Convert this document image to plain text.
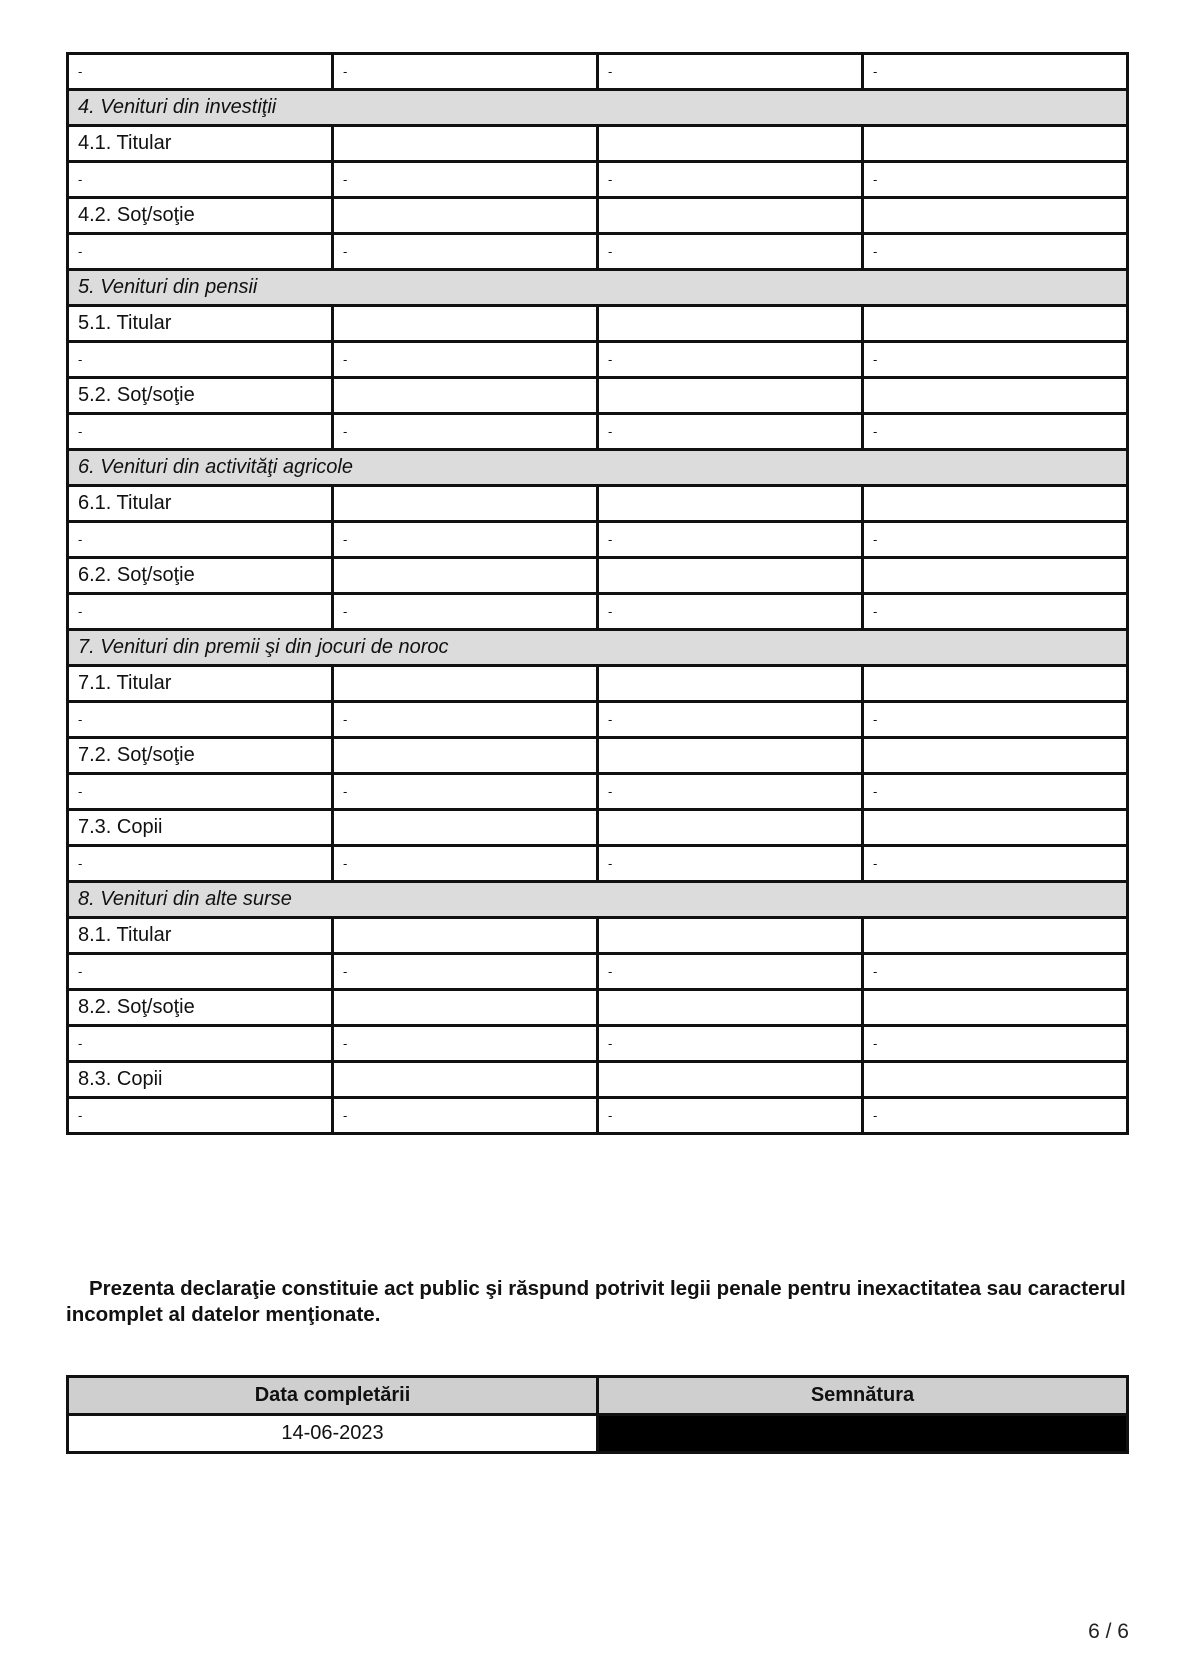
-	-	-	-
4. Venituri din investiţii			
4.1. Titular			
-	-	-	-
4.2. Soţ/soţie			
-	-	-	-
5. Venituri din pensii			
5.1. Titular			
-	-	-	-
5.2. Soţ/soţie			
-	-	-	-
6. Venituri din activităţi agricole			
6.1. Titular			
-	-	-	-
6.2. Soţ/soţie			
-	-	-	-
7. Venituri din premii şi din jocuri de noroc			
7.1. Titular			
-	-	-	-
7.2. Soţ/soţie			
-	-	-	-
7.3. Copii			
-	-	-	-
8. Venituri din alte surse			
8.1. Titular			
-	-	-	-
8.2. Soţ/soţie			
-	-	-	-
8.3. Copii			
-	-	-	-

Prezenta declaraţie constituie act public şi răspund potrivit legii penale pentru inexactitatea sau caracterul incomplet al datelor menţionate.

Data completării	Semnătura
14-06-2023	
6 / 6
